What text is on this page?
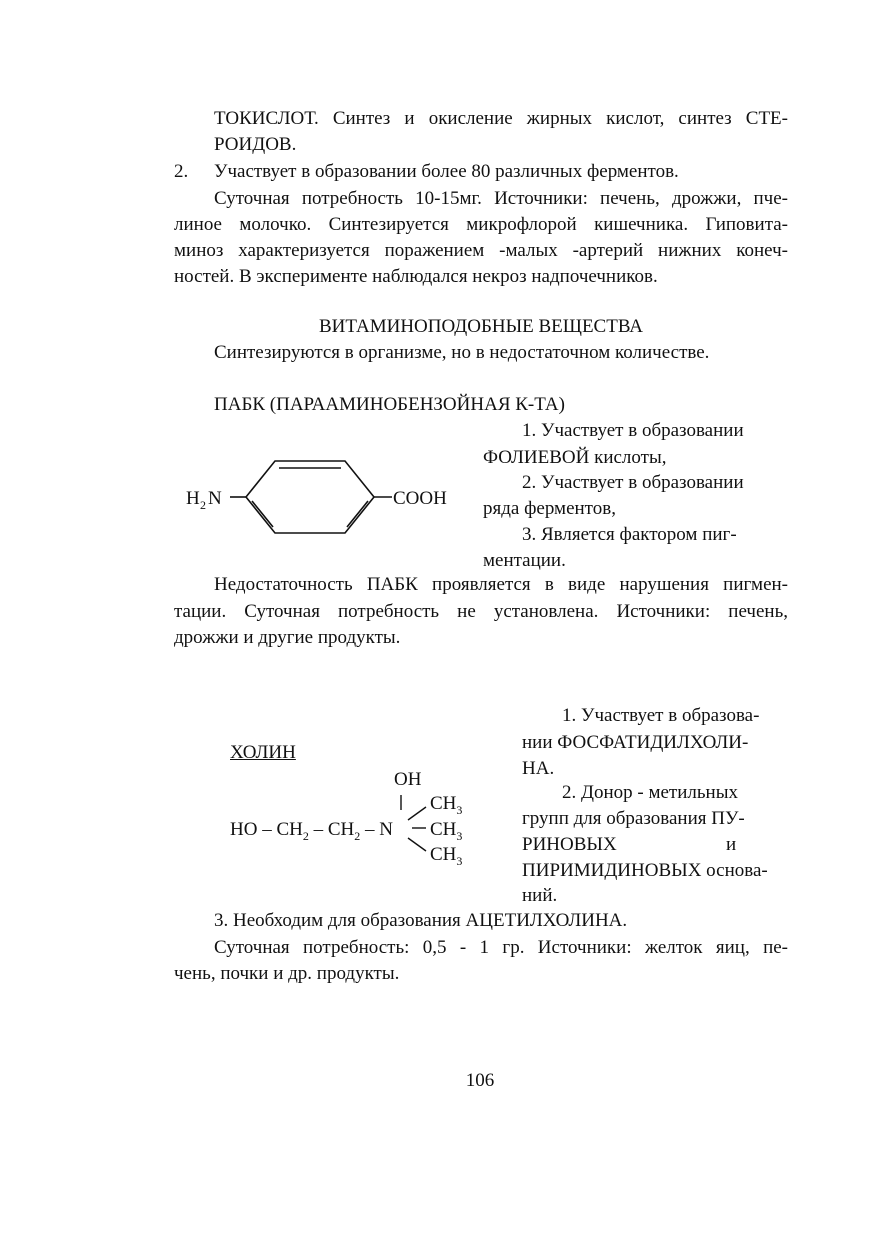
ТОКИСЛОТ. Синтез и окисление жирных кислот, синтез СТЕ-
РОИДОВ.
2. Участвует в образовании более 80 различных ферментов.
Суточная потребность 10-15мг. Источники: печень, дрожжи, пче-
линое молочко. Синтезируется микрофлорой кишечника. Гиповита-
миноз характеризуется поражением -малых -артерий нижних конеч-
ностей. В эксперименте наблюдался некроз надпочечников.
ВИТАМИНОПОДОБНЫЕ ВЕЩЕСТВА
Синтезируются в организме, но в недостаточном количестве.
ПАБК (ПАРААМИНОБЕНЗОЙНАЯ К-ТА)
H 2 N	COOH
1. Участвует в образовании
ФОЛИЕВОЙ кислоты,
2. Участвует в образовании
ряда ферментов,
3. Является фактором пиг-
ментации.
Недостаточность ПАБК проявляется в виде нарушения пигмен-
тации. Суточная потребность не установлена. Источники: печень,
дрожжи и другие продукты.
ХОЛИН
OH
$CH_3$
HO – $CH_2 - CH_2$ – N $CH_3$
$CH_3$
1. Участвует в образова-
нии ФОСФАТИДИЛХОЛИ-
НА.
2. Донор - метильных
групп для образования ПУ-
РИНОВЫХ                       и
ПИРИМИДИНОВЫХ основа-
ний.
3. Необходим для образования АЦЕТИЛХОЛИНА.
Суточная потребность: 0,5 - 1 гр. Источники: желток яиц, пе-
чень, почки и др. продукты.
106
